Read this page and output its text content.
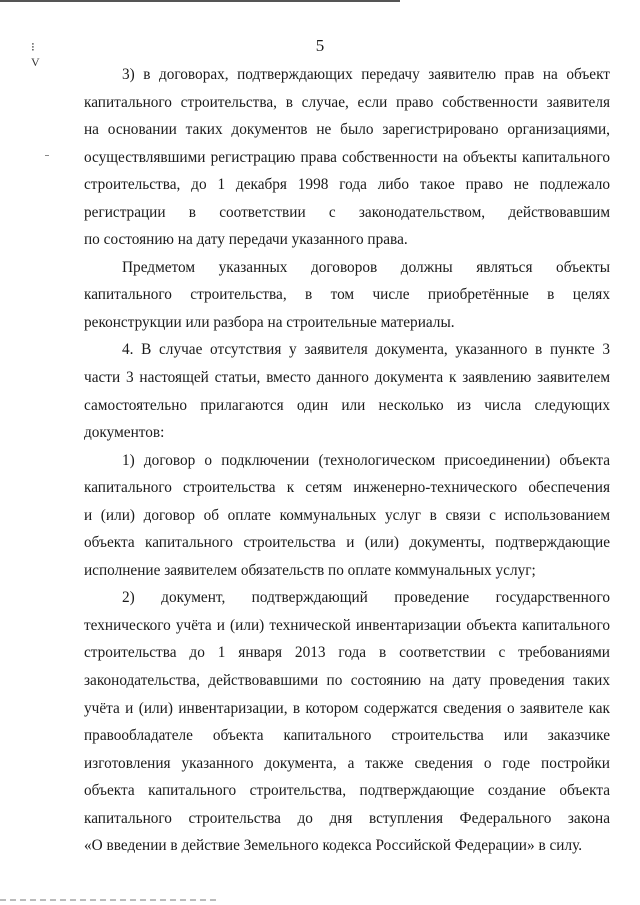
⁝
V
5
3) в договорах, подтверждающих передачу заявителю прав на объект
капитального строительства, в случае, если право собственности заявителя
на основании таких документов не было зарегистрировано организациями,
осуществлявшими регистрацию права собственности на объекты капитального
строительства, до 1 декабря 1998 года либо такое право не подлежало
регистрации в соответствии с законодательством, действовавшим
по состоянию на дату передачи указанного права.
Предметом указанных договоров должны являться объекты
капитального строительства, в том числе приобретённые в целях
реконструкции или разбора на строительные материалы.
4. В случае отсутствия у заявителя документа, указанного в пункте 3
части 3 настоящей статьи, вместо данного документа к заявлению заявителем
самостоятельно прилагаются один или несколько из числа следующих
документов:
1) договор о подключении (технологическом присоединении) объекта
капитального строительства к сетям инженерно-технического обеспечения
и (или) договор об оплате коммунальных услуг в связи с использованием
объекта капитального строительства и (или) документы, подтверждающие
исполнение заявителем обязательств по оплате коммунальных услуг;
2) документ, подтверждающий проведение государственного
технического учёта и (или) технической инвентаризации объекта капитального
строительства до 1 января 2013 года в соответствии с требованиями
законодательства, действовавшими по состоянию на дату проведения таких
учёта и (или) инвентаризации, в котором содержатся сведения о заявителе как
правообладателе объекта капитального строительства или заказчике
изготовления указанного документа, а также сведения о годе постройки
объекта капитального строительства, подтверждающие создание объекта
капитального строительства до дня вступления Федерального закона
«О введении в действие Земельного кодекса Российской Федерации» в силу.
